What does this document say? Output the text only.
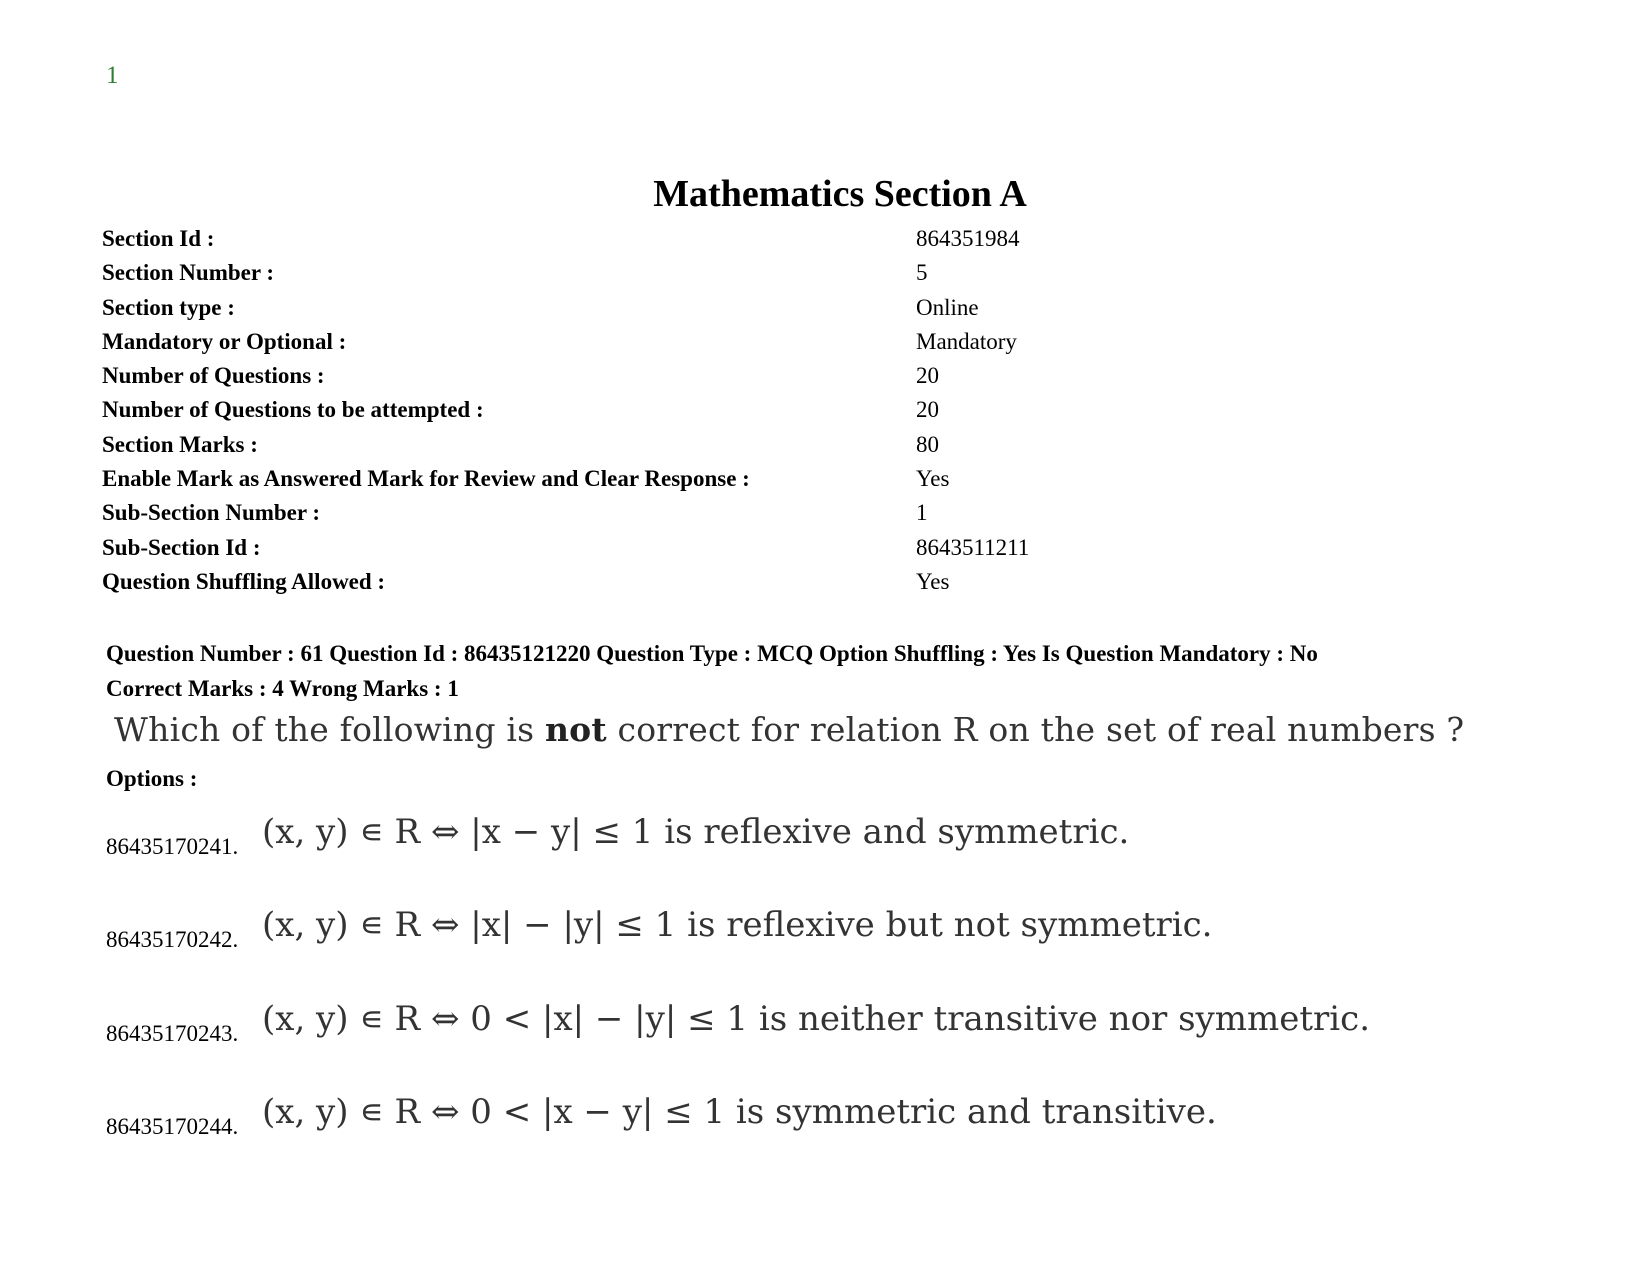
1
Mathematics Section A
Section Id :	864351984
Section Number :	5
Section type :	Online
Mandatory or Optional :	Mandatory
Number of Questions :	20
Number of Questions to be attempted :	20
Section Marks :	80
Enable Mark as Answered Mark for Review and Clear Response :	Yes
Sub-Section Number :	1
Sub-Section Id :	8643511211
Question Shuffling Allowed :	Yes
Question Number : 61 Question Id : 86435121220 Question Type : MCQ Option Shuffling : Yes Is Question Mandatory : No
Correct Marks : 4 Wrong Marks : 1
Which of the following is not correct for relation R on the set of real numbers ?
Options :
86435170241. (x, y) ∊ R ⇔ |x − y| ≤ 1 is reflexive and symmetric.
86435170242. (x, y) ∊ R ⇔ |x| − |y| ≤ 1 is reflexive but not symmetric.
86435170243. (x, y) ∊ R ⇔ 0 < |x| − |y| ≤ 1 is neither transitive nor symmetric.
86435170244. (x, y) ∊ R ⇔ 0 < |x − y| ≤ 1 is symmetric and transitive.
